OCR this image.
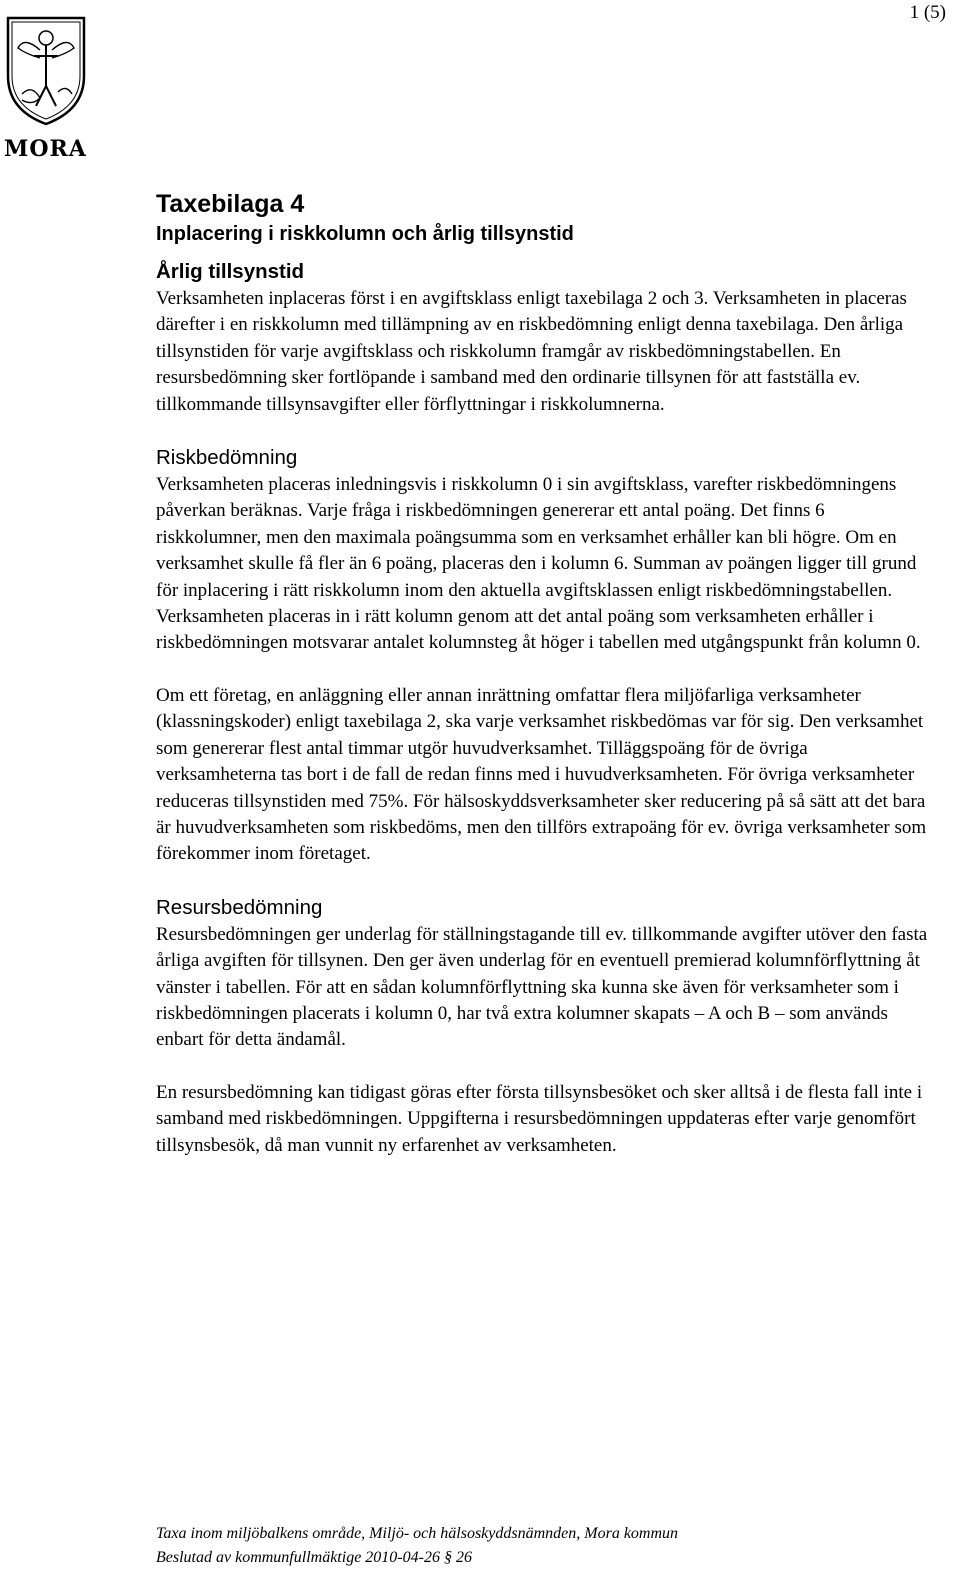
MORA
1 (5)
Taxebilaga 4
Inplacering i riskkolumn och årlig tillsynstid
Årlig tillsynstid

Verksamheten inplaceras först i en avgiftsklass enligt taxebilaga 2 och 3. Verksamheten in placeras därefter i en riskkolumn med tillämpning av en riskbedömning enligt denna taxebilaga. Den årliga tillsynstiden för varje avgiftsklass och riskkolumn framgår av riskbedömningstabellen. En resursbedömning sker fortlöpande i samband med den ordinarie tillsynen för att fastställa ev. tillkommande tillsynsavgifter eller förflyttningar i riskkolumnerna.

Riskbedömning

Verksamheten placeras inledningsvis i riskkolumn 0 i sin avgiftsklass, varefter riskbedömningens påverkan beräknas. Varje fråga i riskbedömningen genererar ett antal poäng. Det finns 6 riskkolumner, men den maximala poängsumma som en verksamhet erhåller kan bli högre. Om en verksamhet skulle få fler än 6 poäng, placeras den i kolumn 6. Summan av poängen ligger till grund för inplacering i rätt riskkolumn inom den aktuella avgiftsklassen enligt riskbedömningstabellen. Verksamheten placeras in i rätt kolumn genom att det antal poäng som verksamheten erhåller i riskbedömningen motsvarar antalet kolumnsteg åt höger i tabellen med utgångspunkt från kolumn 0.

Om ett företag, en anläggning eller annan inrättning omfattar flera miljöfarliga verksamheter (klassningskoder) enligt taxebilaga 2, ska varje verksamhet riskbedömas var för sig. Den verksamhet som genererar flest antal timmar utgör huvudverksamhet. Tilläggspoäng för de övriga verksamheterna tas bort i de fall de redan finns med i huvudverksamheten. För övriga verksamheter reduceras tillsynstiden med 75%. För hälsoskyddsverksamheter sker reducering på så sätt att det bara är huvudverksamheten som riskbedöms, men den tillförs extrapoäng för ev. övriga verksamheter som förekommer inom företaget.

Resursbedömning

Resursbedömningen ger underlag för ställningstagande till ev. tillkommande avgifter utöver den fasta årliga avgiften för tillsynen. Den ger även underlag för en eventuell premierad kolumnförflyttning åt vänster i tabellen. För att en sådan kolumnförflyttning ska kunna ske även för verksamheter som i riskbedömningen placerats i kolumn 0, har två extra kolumner skapats – A och B – som används enbart för detta ändamål.

En resursbedömning kan tidigast göras efter första tillsynsbesöket och sker alltså i de flesta fall inte i samband med riskbedömningen. Uppgifterna i resursbedömningen uppdateras efter varje genomfört tillsynsbesök, då man vunnit ny erfarenhet av verksamheten.

Taxa inom miljöbalkens område, Miljö- och hälsoskyddsnämnden, Mora kommun
Beslutad av kommunfullmäktige 2010-04-26 § 26
